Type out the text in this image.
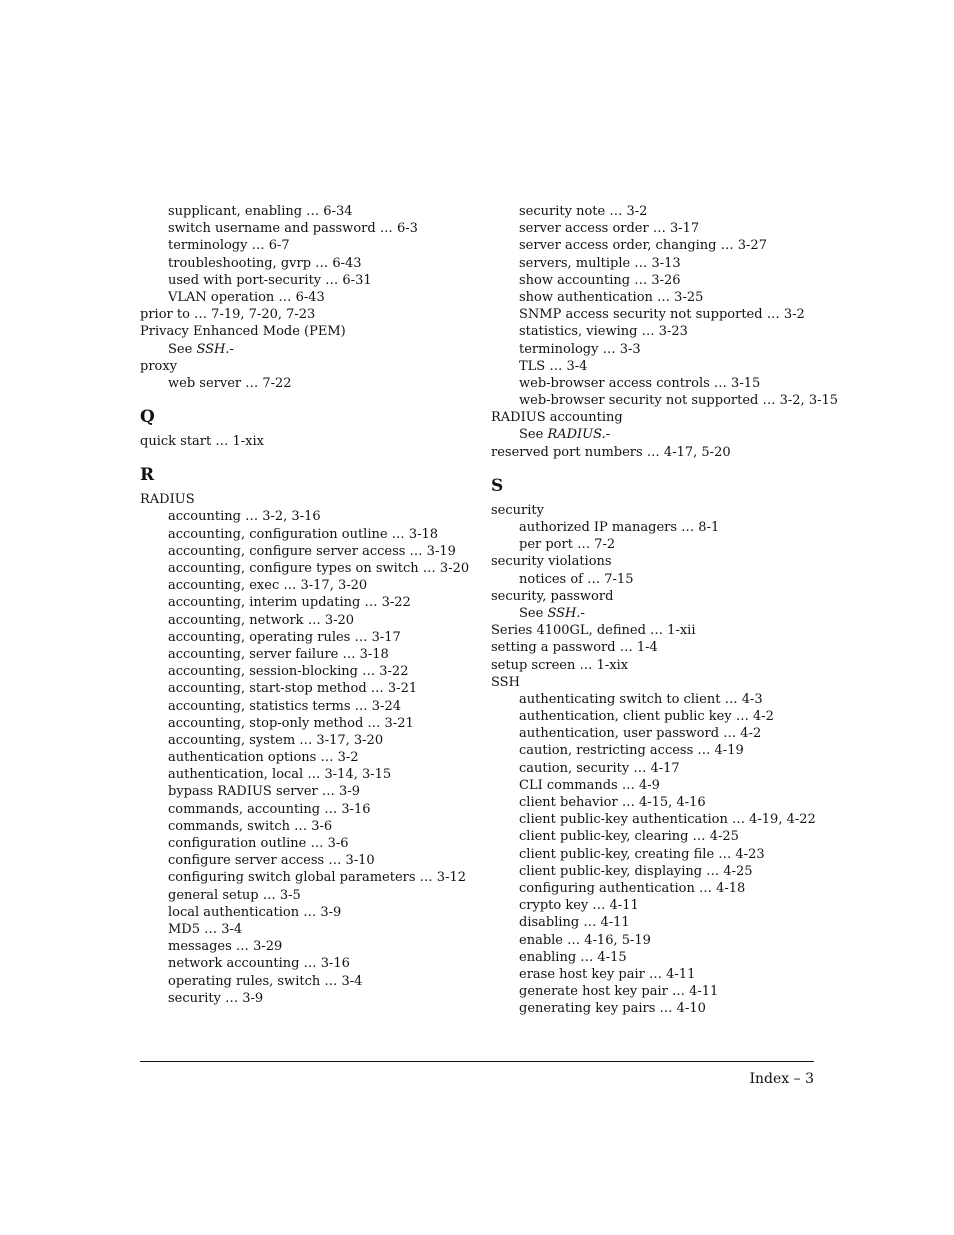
supplicant, enabling … 6-34
switch username and password … 6-3
terminology … 6-7
troubleshooting, gvrp … 6-43
used with port-security … 6-31
VLAN operation … 6-43
prior to … 7-19, 7-20, 7-23
Privacy Enhanced Mode (PEM)
See SSH.-
proxy
web server … 7-22
Q
quick start … 1-xix
R
RADIUS
accounting … 3-2, 3-16
accounting, configuration outline … 3-18
accounting, configure server access … 3-19
accounting, configure types on switch … 3-20
accounting, exec … 3-17, 3-20
accounting, interim updating … 3-22
accounting, network … 3-20
accounting, operating rules … 3-17
accounting, server failure … 3-18
accounting, session-blocking … 3-22
accounting, start-stop method … 3-21
accounting, statistics terms … 3-24
accounting, stop-only method … 3-21
accounting, system … 3-17, 3-20
authentication options … 3-2
authentication, local … 3-14, 3-15
bypass RADIUS server … 3-9
commands, accounting … 3-16
commands, switch … 3-6
configuration outline … 3-6
configure server access … 3-10
configuring switch global parameters … 3-12
general setup … 3-5
local authentication … 3-9
MD5 … 3-4
messages … 3-29
network accounting … 3-16
operating rules, switch … 3-4
security … 3-9
security note … 3-2
server access order … 3-17
server access order, changing … 3-27
servers, multiple … 3-13
show accounting … 3-26
show authentication … 3-25
SNMP access security not supported … 3-2
statistics, viewing … 3-23
terminology … 3-3
TLS … 3-4
web-browser access controls … 3-15
web-browser security not supported … 3-2, 3-15
RADIUS accounting
See RADIUS.-
reserved port numbers … 4-17, 5-20
S
security
authorized IP managers … 8-1
per port … 7-2
security violations
notices of … 7-15
security, password
See SSH.-
Series 4100GL, defined … 1-xii
setting a password … 1-4
setup screen … 1-xix
SSH
authenticating switch to client … 4-3
authentication, client public key … 4-2
authentication, user password … 4-2
caution, restricting access … 4-19
caution, security … 4-17
CLI commands … 4-9
client behavior … 4-15, 4-16
client public-key authentication … 4-19, 4-22
client public-key, clearing … 4-25
client public-key, creating file … 4-23
client public-key, displaying … 4-25
configuring authentication … 4-18
crypto key … 4-11
disabling … 4-11
enable … 4-16, 5-19
enabling … 4-15
erase host key pair … 4-11
generate host key pair … 4-11
generating key pairs … 4-10
Index – 3
